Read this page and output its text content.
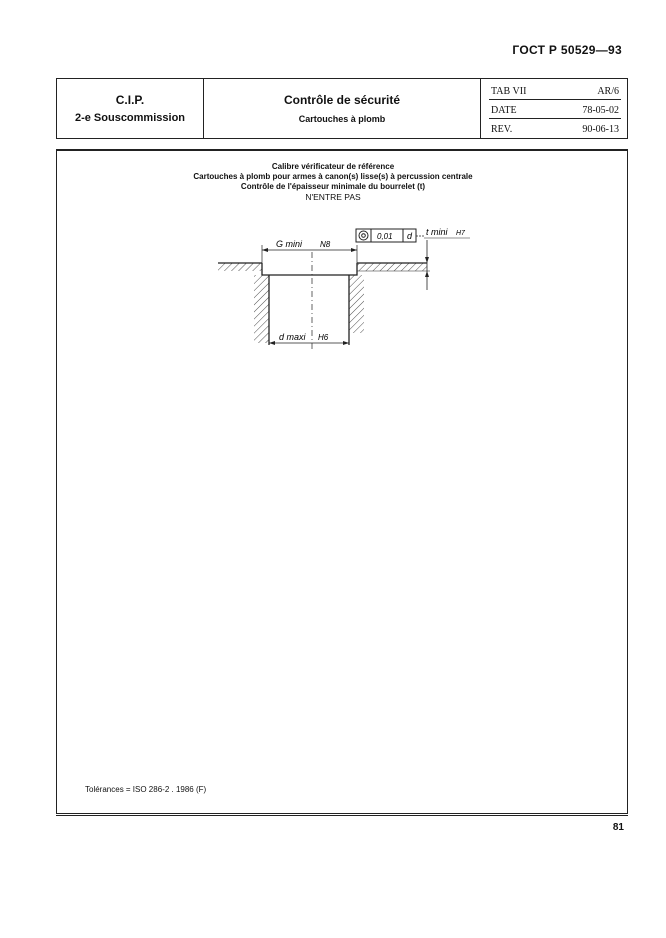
ГОСТ Р 50529—93
C.I.P.
2-e Souscommission
Contrôle de sécurité
Cartouches à plomb
TAB VII	AR/6
DATE	78-05-02
REV.	90-06-13
Calibre vérificateur de référence
Cartouches à plomb pour armes à canon(s) lisse(s) à percussion centrale
Contrôle de l'épaisseur minimale du bourrelet (t)
N'ENTRE PAS
G mini N8
d maxi H6
0,01 d t mini H7
Tolérances = ISO 286-2 . 1986 (F)
81
